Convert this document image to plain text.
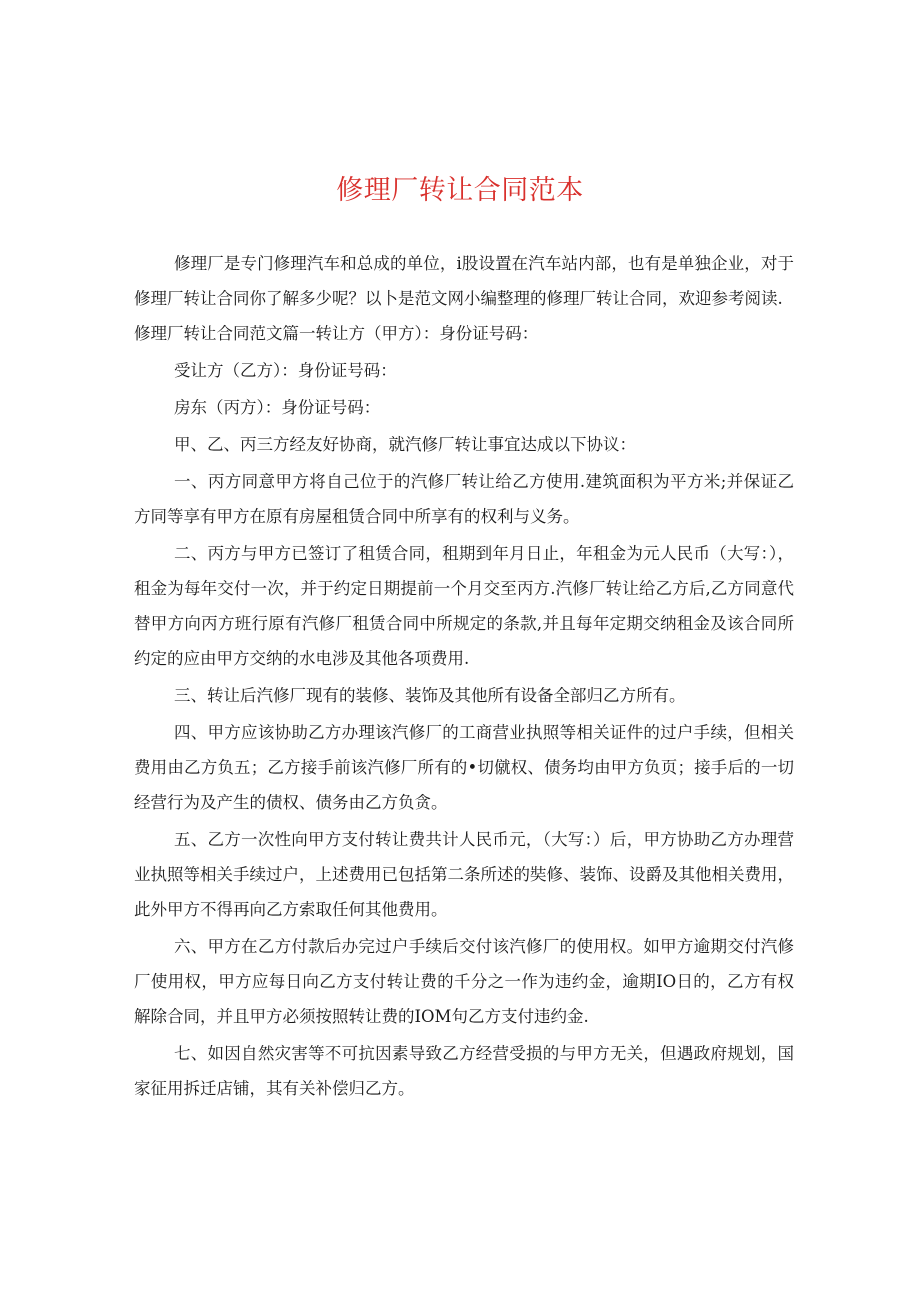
修理厂转让合同范本

修理厂是专门修理汽车和总成的单位，i股设置在汽车站内部，也有是单独企业，对于修理厂转让合同你了解多少呢？以卜是范文网小编整理的修理厂转让合同，欢迎参考阅读.

修理厂转让合同范文篇一转让方（甲方）：身份证号码：

受让方（乙方）：身份证号码：

房东（丙方）：身份证号码：

甲、乙、丙三方经友好协商，就汽修厂转让事宜达成以下协议：

一、丙方同意甲方将自己位于的汽修厂转让给乙方使用.建筑面积为平方米;并保证乙方同等享有甲方在原有房屋租赁合同中所享有的权利与义务。

二、丙方与甲方已签订了租赁合同，租期到年月日止，年租金为元人民币（大写：），租金为每年交付一次，并于约定日期提前一个月交至丙方.汽修厂转让给乙方后,乙方同意代替甲方向丙方班行原有汽修厂租赁合同中所规定的条款,并且每年定期交纳租金及该合同所约定的应由甲方交纳的水电涉及其他各项费用.

三、转让后汽修厂现有的装修、装饰及其他所有设备全部归乙方所有。

四、甲方应该协助乙方办理该汽修厂的工商营业执照等相关证件的过户手续，但相关费用由乙方负五；乙方接手前该汽修厂所有的•切僦权、债务均由甲方负页；接手后的一切经营行为及产生的债权、债务由乙方负贪。

五、乙方一次性向甲方支付转让费共计人民币元，（大写：）后，甲方协助乙方办理营业执照等相关手续过户，上述费用已包括第二条所述的奘修、装饰、设爵及其他相关费用，此外甲方不得再向乙方索取任何其他费用。

六、甲方在乙方付款后办完过户手续后交付该汽修厂的使用权。如甲方逾期交付汽修厂使用权，甲方应每日向乙方支付转让费的千分之一作为违约金，逾期IO日的，乙方有权解除合同，并且甲方必须按照转让费的IOM句乙方支付违约金.

七、如因自然灾害等不可抗因素导致乙方经营受损的与甲方无关，但遇政府规划，国家征用拆迁店铺，其有关补偿归乙方。
